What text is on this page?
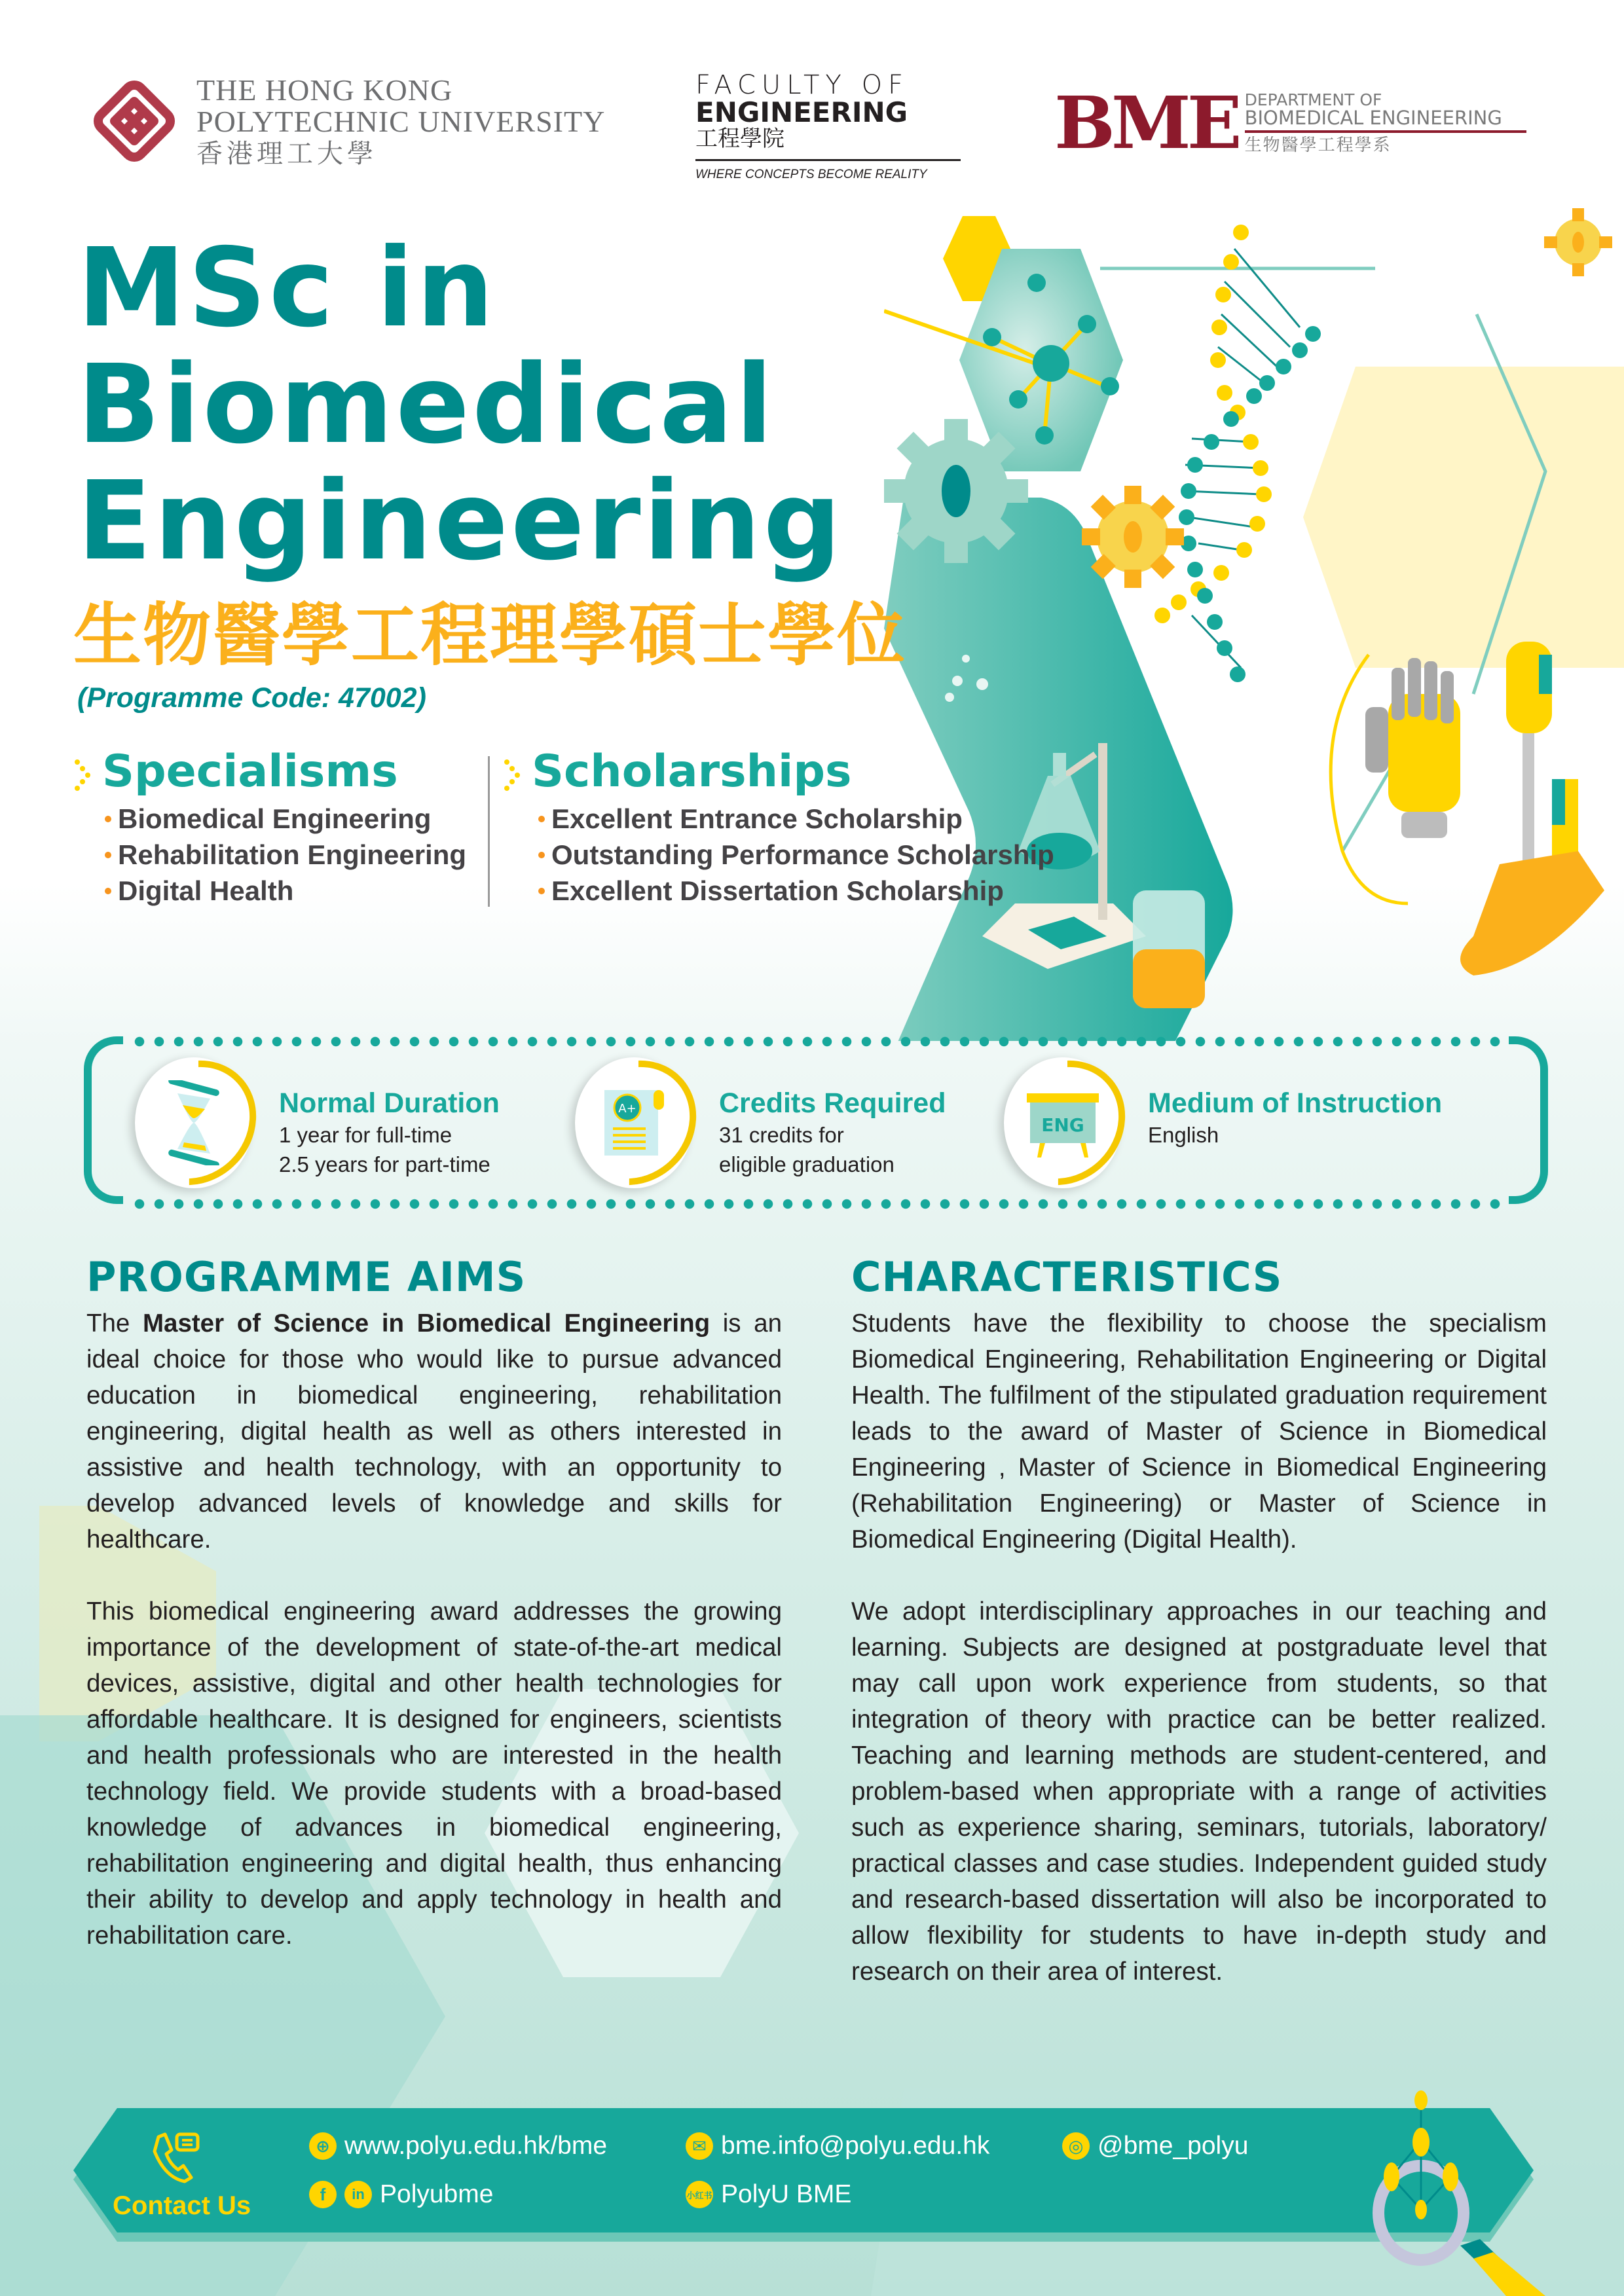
THE HONG KONG
POLYTECHNIC UNIVERSITY
香港理工大學
FACULTY OF
ENGINEERING
工程學院
WHERE CONCEPTS BECOME REALITY
BME DEPARTMENT OF
BIOMEDICAL ENGINEERING
生物醫學工程學系
MSc in
Biomedical
Engineering
生物醫學工程理學碩士學位
(Programme Code: 47002)
Specialisms
Biomedical Engineering
Rehabilitation Engineering
Digital Health
Scholarships
Excellent Entrance Scholarship
Outstanding Performance Scholarship
Excellent Dissertation Scholarship
Normal Duration
1 year for full-time
2.5 years for part-time
A+	Credits Required
31 credits for
eligible graduation
ENG
Medium of Instruction
English
PROGRAMME AIMS

The Master of Science in Biomedical Engineering is an ideal choice for those who would like to pursue advanced education in biomedical engineering, rehabilitation engineering, digital health as well as others interested in assistive and health technology, with an opportunity to develop advanced levels of knowledge and skills for healthcare.

This biomedical engineering award addresses the growing importance of the development of state-of-the-art medical devices, assistive, digital and other health technologies for affordable healthcare. It is designed for engineers, scientists and health professionals who are interested in the health technology field. We provide students with a broad-based knowledge of advances in biomedical engineering, rehabilitation engineering and digital health, thus enhancing their ability to develop and apply technology in health and rehabilitation care.

CHARACTERISTICS

Students have the flexibility to choose the specialism Biomedical Engineering, Rehabilitation Engineering or Digital Health. The fulfilment of the stipulated graduation requirement leads to the award of Master of Science in Biomedical Engineering , Master of Science in Biomedical Engineering (Rehabilitation Engineering) or Master of Science in Biomedical Engineering (Digital Health).

We adopt interdisciplinary approaches in our teaching and learning. Subjects are designed at postgraduate level that may call upon work experience from students, so that integration of theory with practice can be better realized. Teaching and learning methods are student-centered, and problem-based when appropriate with a range of activities such as experience sharing, seminars, tutorials, laboratory/ practical classes and case studies. Independent guided study and research-based dissertation will also be incorporated to allow flexibility for students to have in-depth study and research on their area of interest.

Contact Us
⊕ www.polyu.edu.hk/bme
f	in Polyubme
✉ bme.info@polyu.edu.hk
小红书 PolyU BME
◎ @bme_polyu
